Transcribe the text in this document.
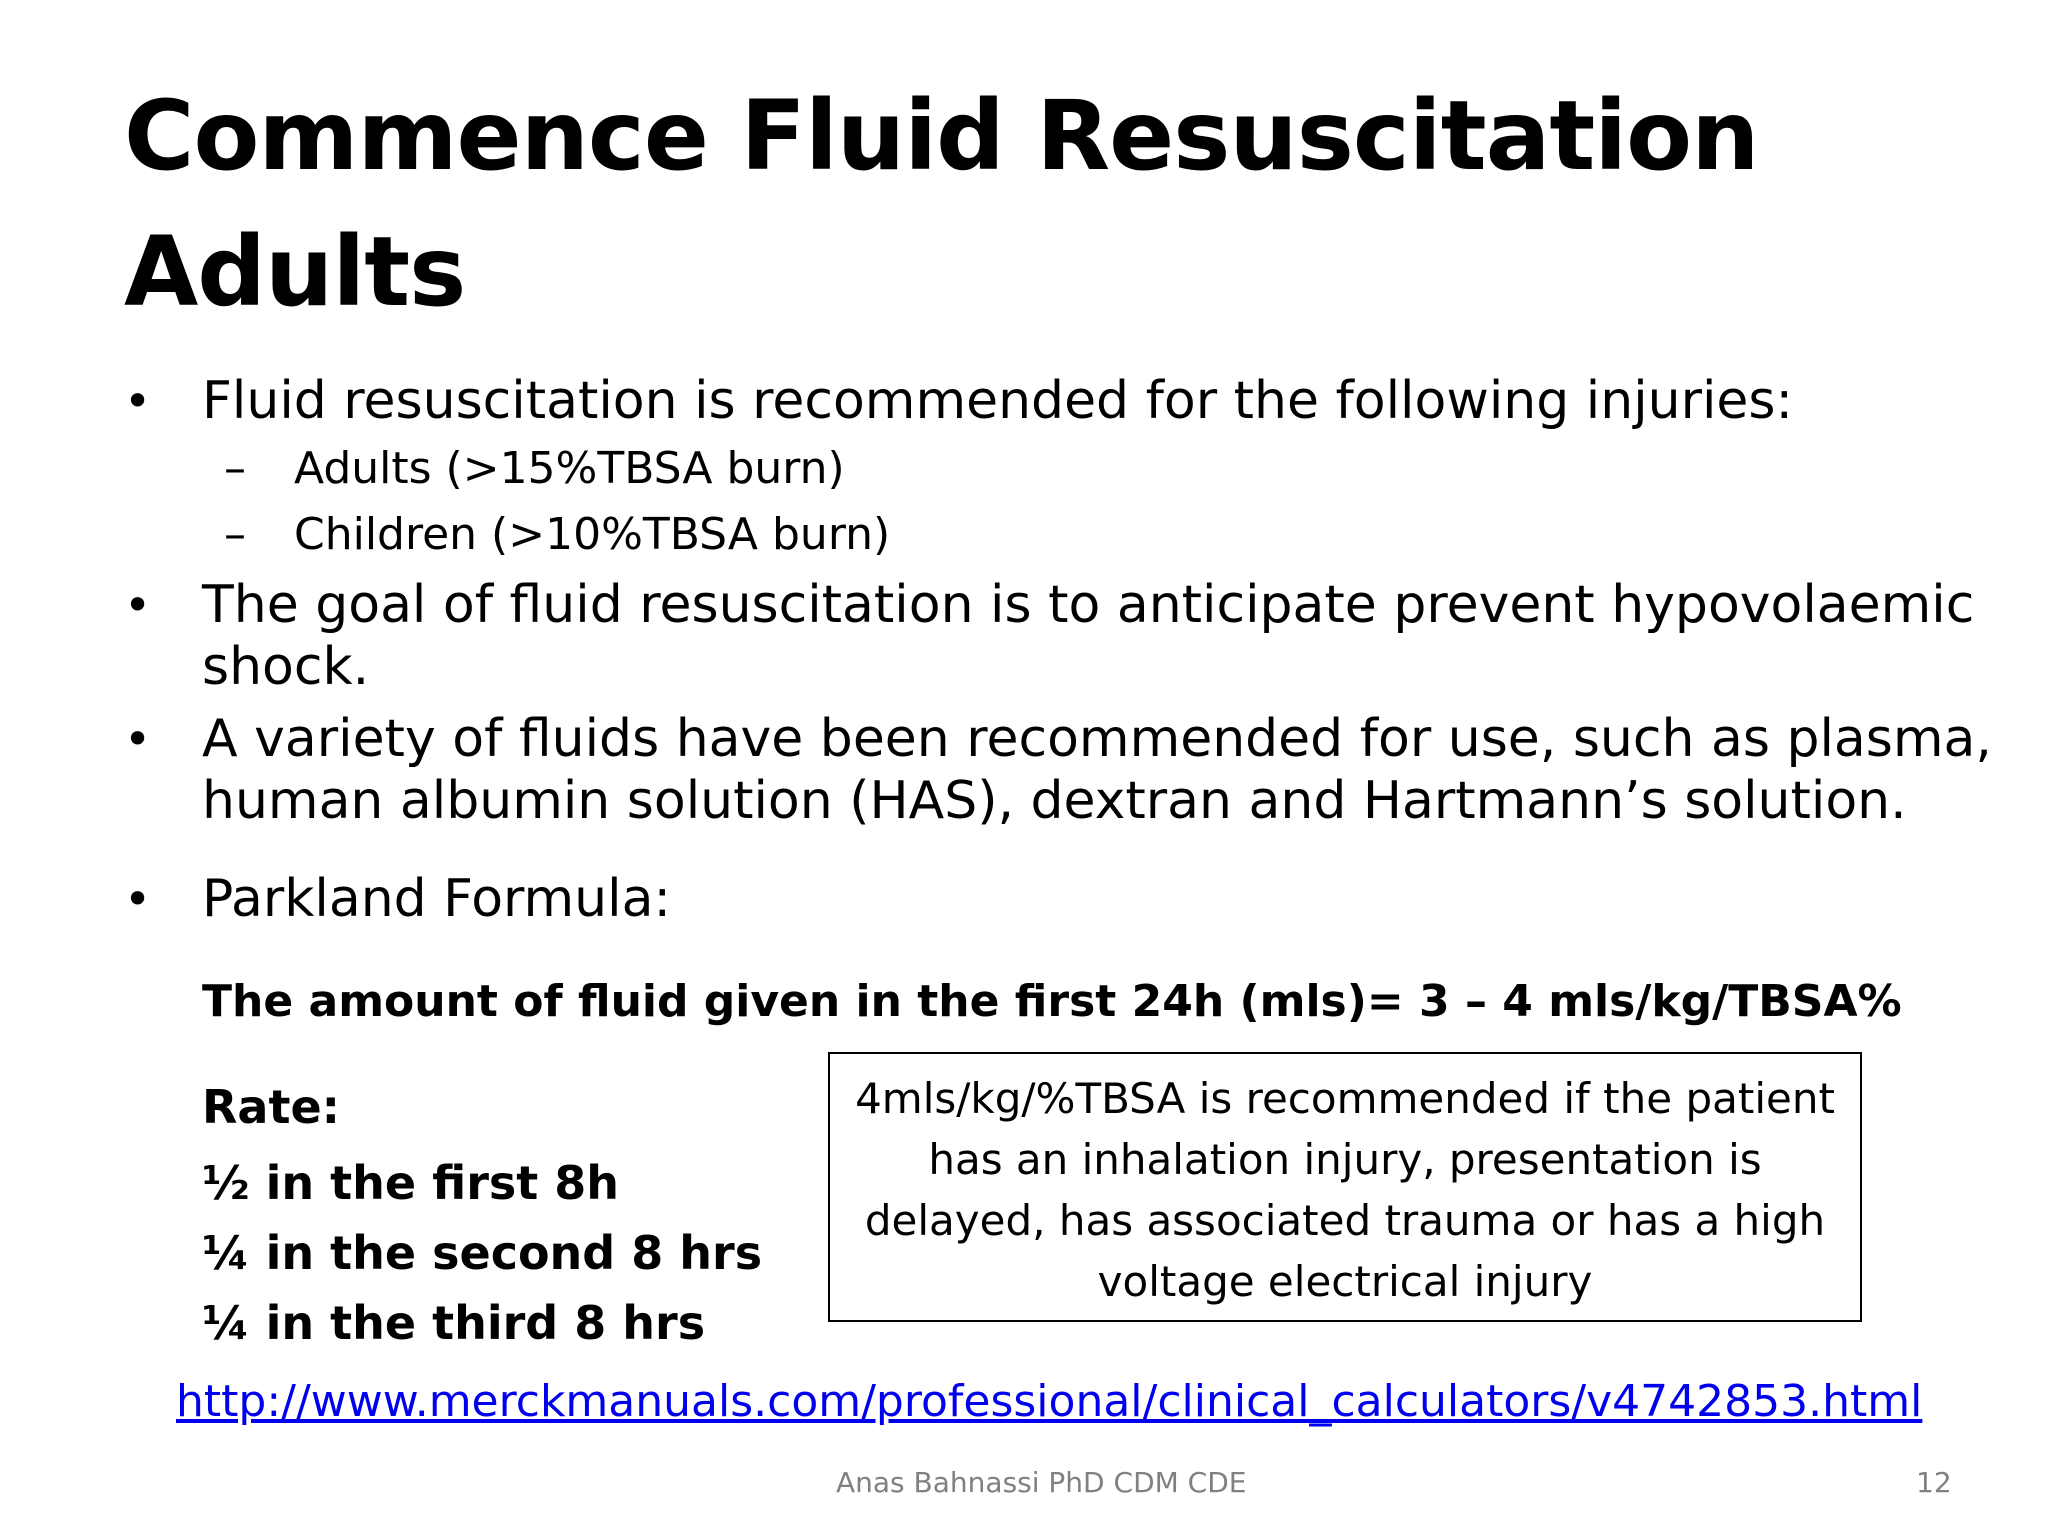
Commence Fluid Resuscitation
Adults
• Fluid resuscitation is recommended for the following injuries:
– Adults (>15%TBSA burn)
– Children (>10%TBSA burn)
• The goal of fluid resuscitation is to anticipate prevent hypovolaemic
shock.
• A variety of fluids have been recommended for use, such as plasma,
human albumin solution (HAS), dextran and Hartmann’s solution.
• Parkland Formula:
The amount of fluid given in the first 24h (mls)= 3 – 4 mls/kg/TBSA%
Rate:
½ in the first 8h
¼ in the second 8 hrs
¼ in the third 8 hrs
4mls/kg/%TBSA is recommended if the patient
has an inhalation injury, presentation is
delayed, has associated trauma or has a high
voltage electrical injury
http://www.merckmanuals.com/professional/clinical_calculators/v4742853.html
Anas Bahnassi PhD CDM CDE	12
